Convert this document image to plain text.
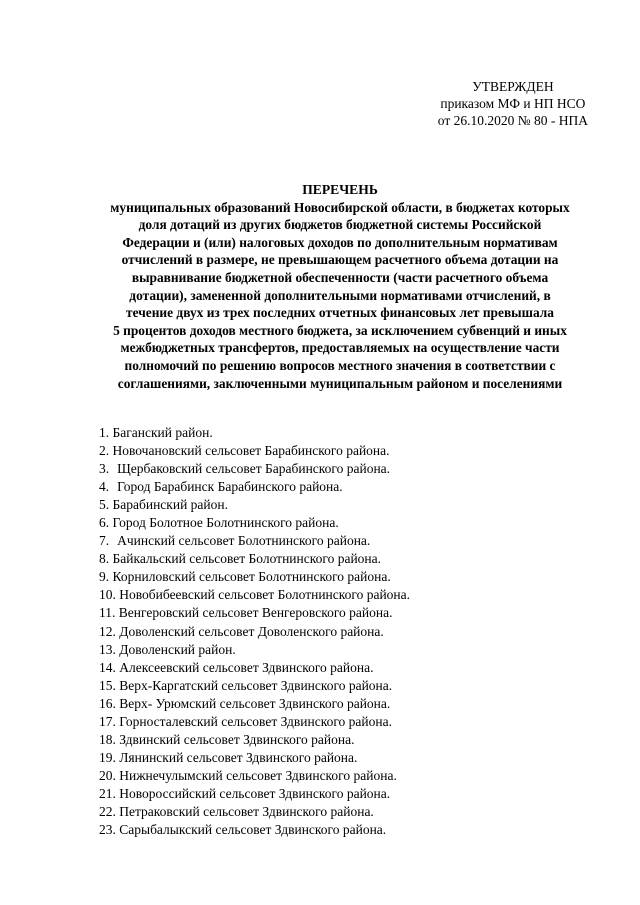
УТВЕРЖДЕН
приказом МФ и НП НСО
от 26.10.2020 № 80 - НПА
ПЕРЕЧЕНЬ
муниципальных образований Новосибирской области, в бюджетах которых
доля дотаций из других бюджетов бюджетной системы Российской
Федерации и (или) налоговых доходов по дополнительным нормативам
отчислений в размере, не превышающем расчетного объема дотации на
выравнивание бюджетной обеспеченности (части расчетного объема
дотации), замененной дополнительными нормативами отчислений, в
течение двух из трех последних отчетных финансовых лет превышала
5 процентов доходов местного бюджета, за исключением субвенций и иных
межбюджетных трансфертов, предоставляемых на осуществление части
полномочий по решению вопросов местного значения в соответствии с
соглашениями, заключенными муниципальным районом и поселениями
1. Баганский район.
2. Новочановский сельсовет Барабинского района.
3. Щербаковский сельсовет Барабинского района.
4. Город Барабинск Барабинского района.
5. Барабинский район.
6. Город Болотное Болотнинского района.
7. Ачинский сельсовет Болотнинского района.
8. Байкальский сельсовет Болотнинского района.
9. Корниловский сельсовет Болотнинского района.
10. Новобибеевский сельсовет Болотнинского района.
11. Венгеровский сельсовет Венгеровского района.
12. Доволенский сельсовет Доволенского района.
13. Доволенский район.
14. Алексеевский сельсовет Здвинского района.
15. Верх-Каргатский сельсовет Здвинского района.
16. Верх- Урюмский сельсовет Здвинского района.
17. Горносталевский сельсовет Здвинского района.
18. Здвинский сельсовет Здвинского района.
19. Лянинский сельсовет Здвинского района.
20. Нижнечулымский сельсовет Здвинского района.
21. Новороссийский сельсовет Здвинского района.
22. Петраковский сельсовет Здвинского района.
23. Сарыбалыкский сельсовет Здвинского района.
